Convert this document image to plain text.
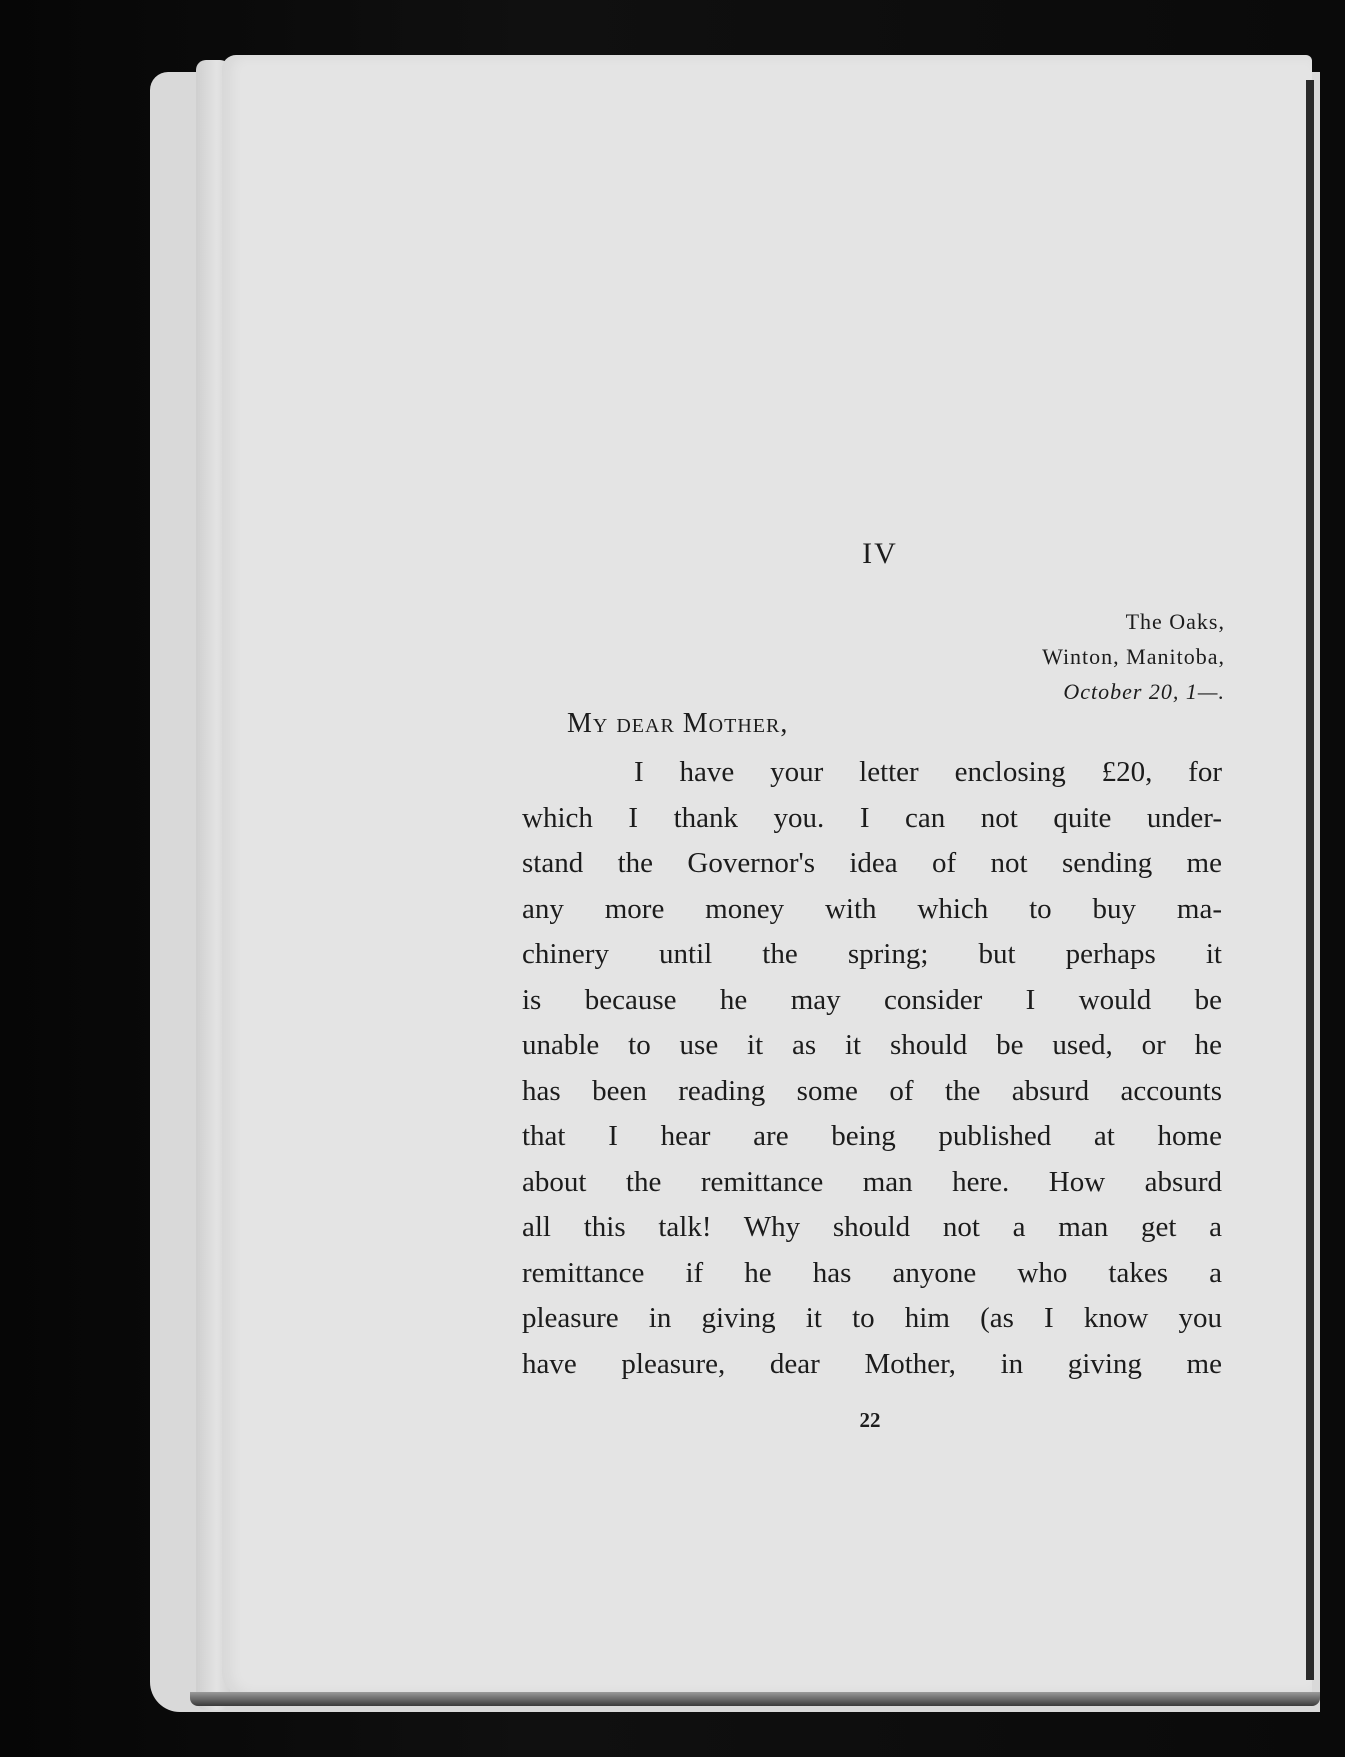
IV
The Oaks,
Winton, Manitoba,
October 20, 1—.
My dear Mother,
I have your letter enclosing £20, for
which I thank you. I can not quite under-
stand the Governor's idea of not sending me
any more money with which to buy ma-
chinery until the spring; but perhaps it
is because he may consider I would be
unable to use it as it should be used, or he
has been reading some of the absurd accounts
that I hear are being published at home
about the remittance man here. How absurd
all this talk! Why should not a man get a
remittance if he has anyone who takes a
pleasure in giving it to him (as I know you
have pleasure, dear Mother, in giving me
22
